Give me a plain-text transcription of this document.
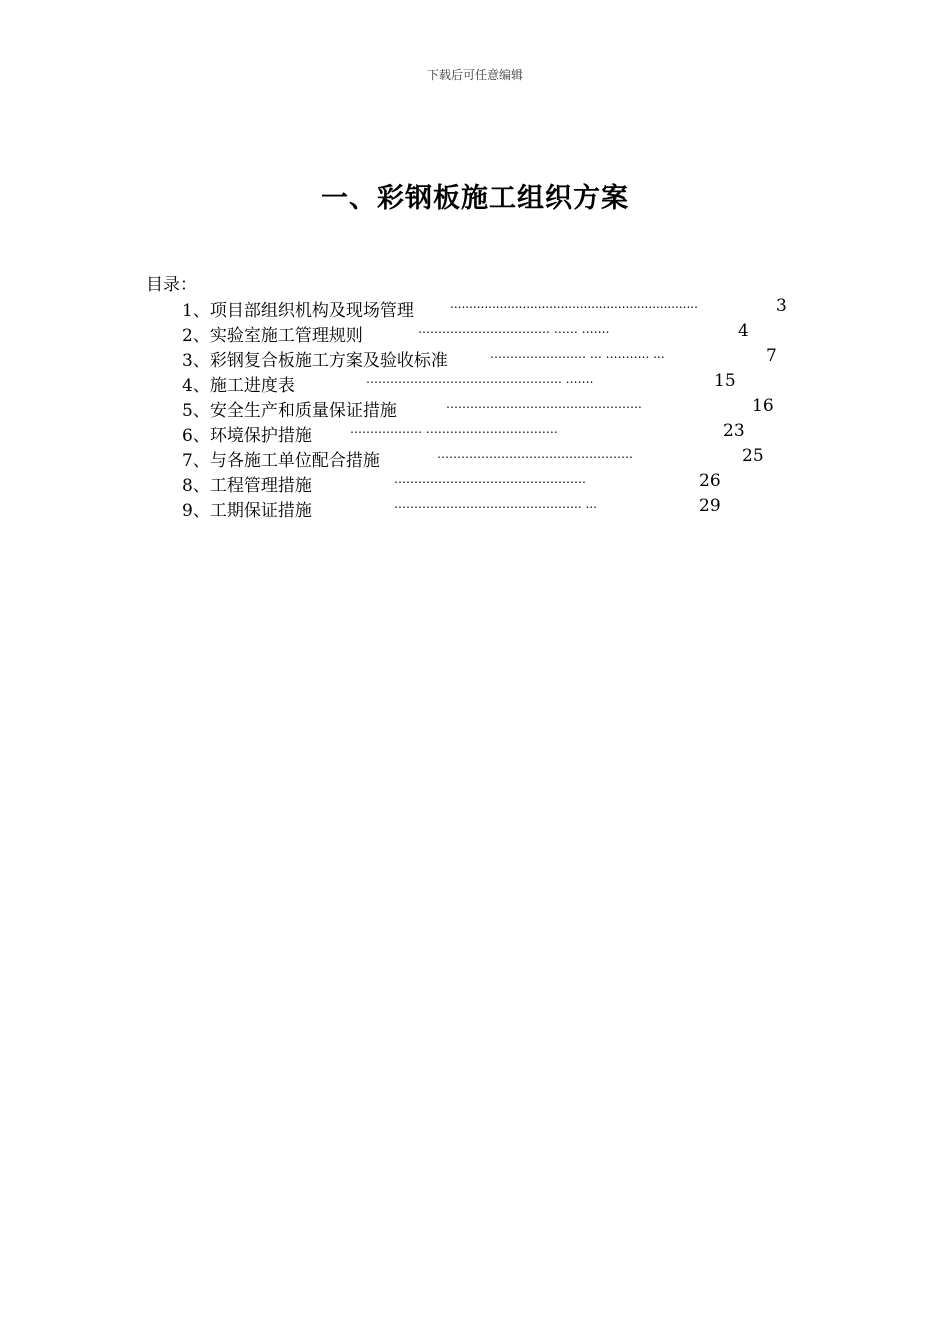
下载后可任意编辑
一、彩钢板施工组织方案
目录：
1、项目部组织机构及现场管理	.................................................................	3
2、实验室施工管理规则	…………………………… …… …….	4
3、彩钢复合板施工方案及验收标准	…………………… … ……….. ...	7
4、施工进度表	…………………………………………. …….	15
5、安全生产和质量保证措施	………………………………………….	16
6、环境保护措施	……………… ……………………………	23
7、与各施工单位配合措施	………………………………………….	25
8、工程管理措施	…………………………………………	26
9、工期保证措施	……………………………………….. ...	29
